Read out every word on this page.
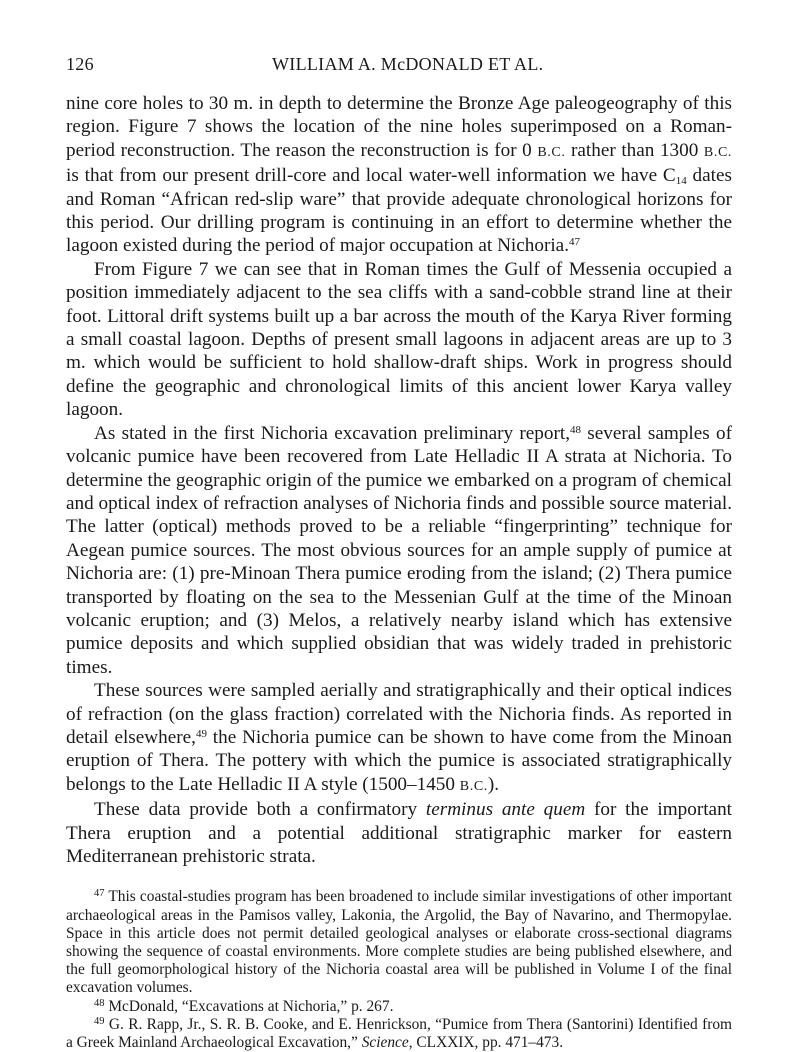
126	WILLIAM A. McDONALD ET AL.

nine core holes to 30 m. in depth to determine the Bronze Age paleogeography of this region. Figure 7 shows the location of the nine holes superimposed on a Roman-period reconstruction. The reason the reconstruction is for 0 B.C. rather than 1300 B.C. is that from our present drill-core and local water-well information we have $C_{14}$ dates and Roman “African red-slip ware” that provide adequate chronological horizons for this period. Our drilling program is continuing in an effort to determine whether the lagoon existed during the period of major occupation at Nichoria.$^{47}$

From Figure 7 we can see that in Roman times the Gulf of Messenia occupied a position immediately adjacent to the sea cliffs with a sand-cobble strand line at their foot. Littoral drift systems built up a bar across the mouth of the Karya River forming a small coastal lagoon. Depths of present small lagoons in adjacent areas are up to 3 m. which would be sufficient to hold shallow-draft ships. Work in progress should define the geographic and chronological limits of this ancient lower Karya valley lagoon.

As stated in the first Nichoria excavation preliminary report,$^{48}$ several samples of volcanic pumice have been recovered from Late Helladic II A strata at Nichoria. To determine the geographic origin of the pumice we embarked on a program of chemical and optical index of refraction analyses of Nichoria finds and possible source material. The latter (optical) methods proved to be a reliable “fingerprinting” technique for Aegean pumice sources. The most obvious sources for an ample supply of pumice at Nichoria are: (1) pre-Minoan Thera pumice eroding from the island; (2) Thera pumice transported by floating on the sea to the Messenian Gulf at the time of the Minoan volcanic eruption; and (3) Melos, a relatively nearby island which has extensive pumice deposits and which supplied obsidian that was widely traded in prehistoric times.

These sources were sampled aerially and stratigraphically and their optical indices of refraction (on the glass fraction) correlated with the Nichoria finds. As reported in detail elsewhere,$^{49}$ the Nichoria pumice can be shown to have come from the Minoan eruption of Thera. The pottery with which the pumice is associated stratigraphically belongs to the Late Helladic II A style (1500–1450 B.C.).

These data provide both a confirmatory terminus ante quem for the important Thera eruption and a potential additional stratigraphic marker for eastern Mediterranean prehistoric strata.

$^{47}$ This coastal-studies program has been broadened to include similar investigations of other important archaeological areas in the Pamisos valley, Lakonia, the Argolid, the Bay of Navarino, and Thermopylae. Space in this article does not permit detailed geological analyses or elaborate cross-sectional diagrams showing the sequence of coastal environments. More complete studies are being published elsewhere, and the full geomorphological history of the Nichoria coastal area will be published in Volume I of the final excavation volumes.

$^{48}$ McDonald, “Excavations at Nichoria,” p. 267.

$^{49}$ G. R. Rapp, Jr., S. R. B. Cooke, and E. Henrickson, “Pumice from Thera (Santorini) Identified from a Greek Mainland Archaeological Excavation,” Science, CLXXIX, pp. 471–473.
